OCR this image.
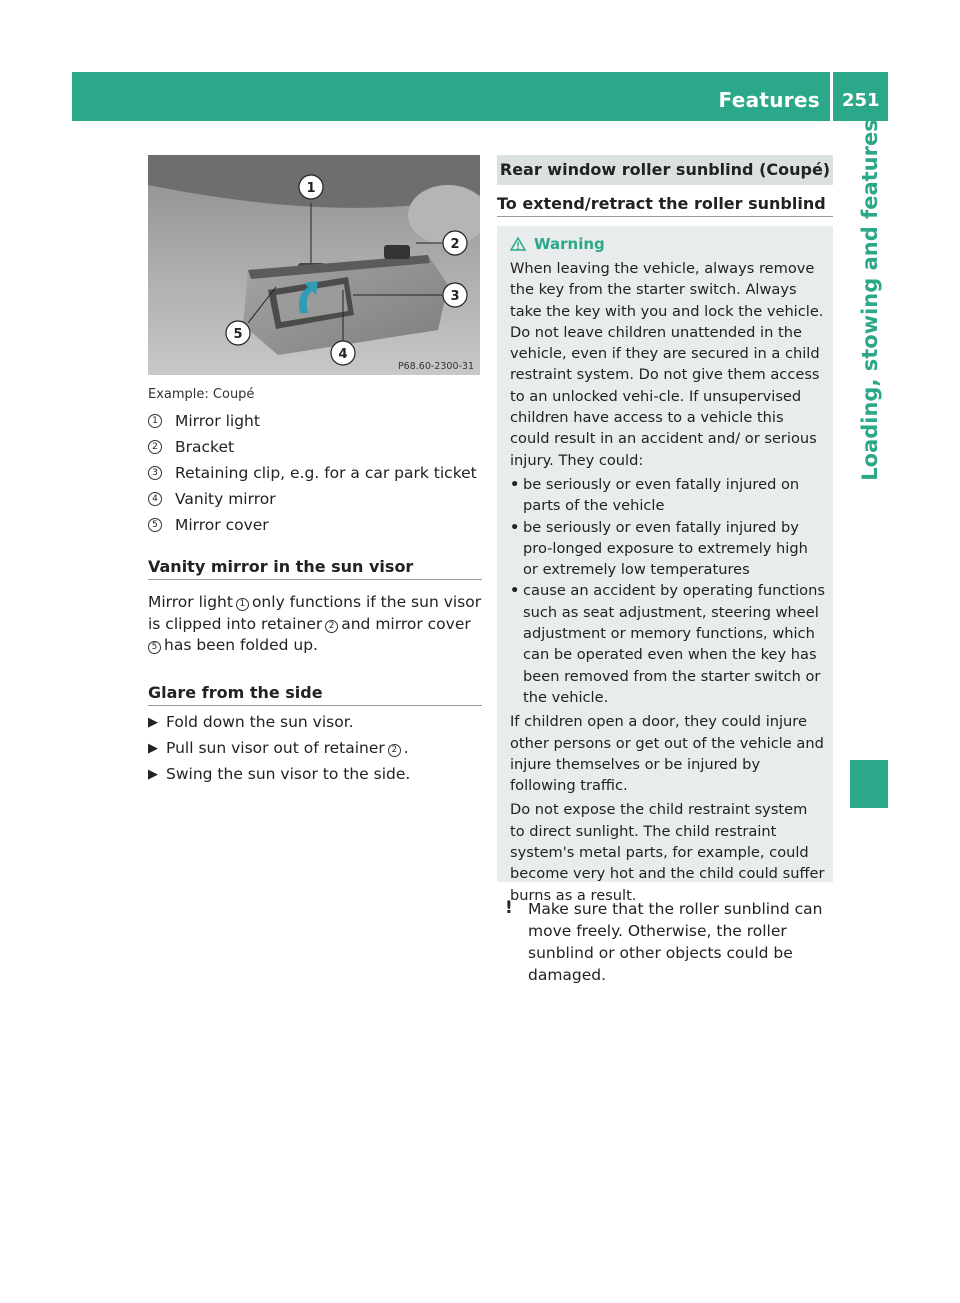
Features 251
Loading, stowing and features
1
2
3
4
5
P68.60-2300-31
Example: Coupé
1 Mirror light
2 Bracket
3 Retaining clip, e.g. for a car park ticket
4 Vanity mirror
5 Mirror cover
Vanity mirror in the sun visor
Mirror light 1 only functions if the sun visor is clipped into retainer 2 and mirror cover
5 has been folded up.
Glare from the side
▶ Fold down the sun visor.
▶ Pull sun visor out of retainer 2 .
▶ Swing the sun visor to the side.
Rear window roller sunblind (Coupé)
To extend/retract the roller sunblind
Warning
When leaving the vehicle, always remove the key from the starter switch. Always take the key with you and lock the vehicle. Do not leave children unattended in the vehicle, even if they are secured in a child restraint system. Do not give them access to an unlocked vehi-cle. If unsupervised children have access to a vehicle this could result in an accident and/ or serious injury. They could:
• be seriously or even fatally injured on parts of the vehicle
• be seriously or even fatally injured by pro-longed exposure to extremely high or extremely low temperatures
• cause an accident by operating functions such as seat adjustment, steering wheel adjustment or memory functions, which can be operated even when the key has been removed from the starter switch or the vehicle.
If children open a door, they could injure other persons or get out of the vehicle and injure themselves or be injured by following traffic.
Do not expose the child restraint system to direct sunlight. The child restraint system's metal parts, for example, could become very hot and the child could suffer burns as a result.
! Make sure that the roller sunblind can move freely. Otherwise, the roller sunblind or other objects could be damaged.
